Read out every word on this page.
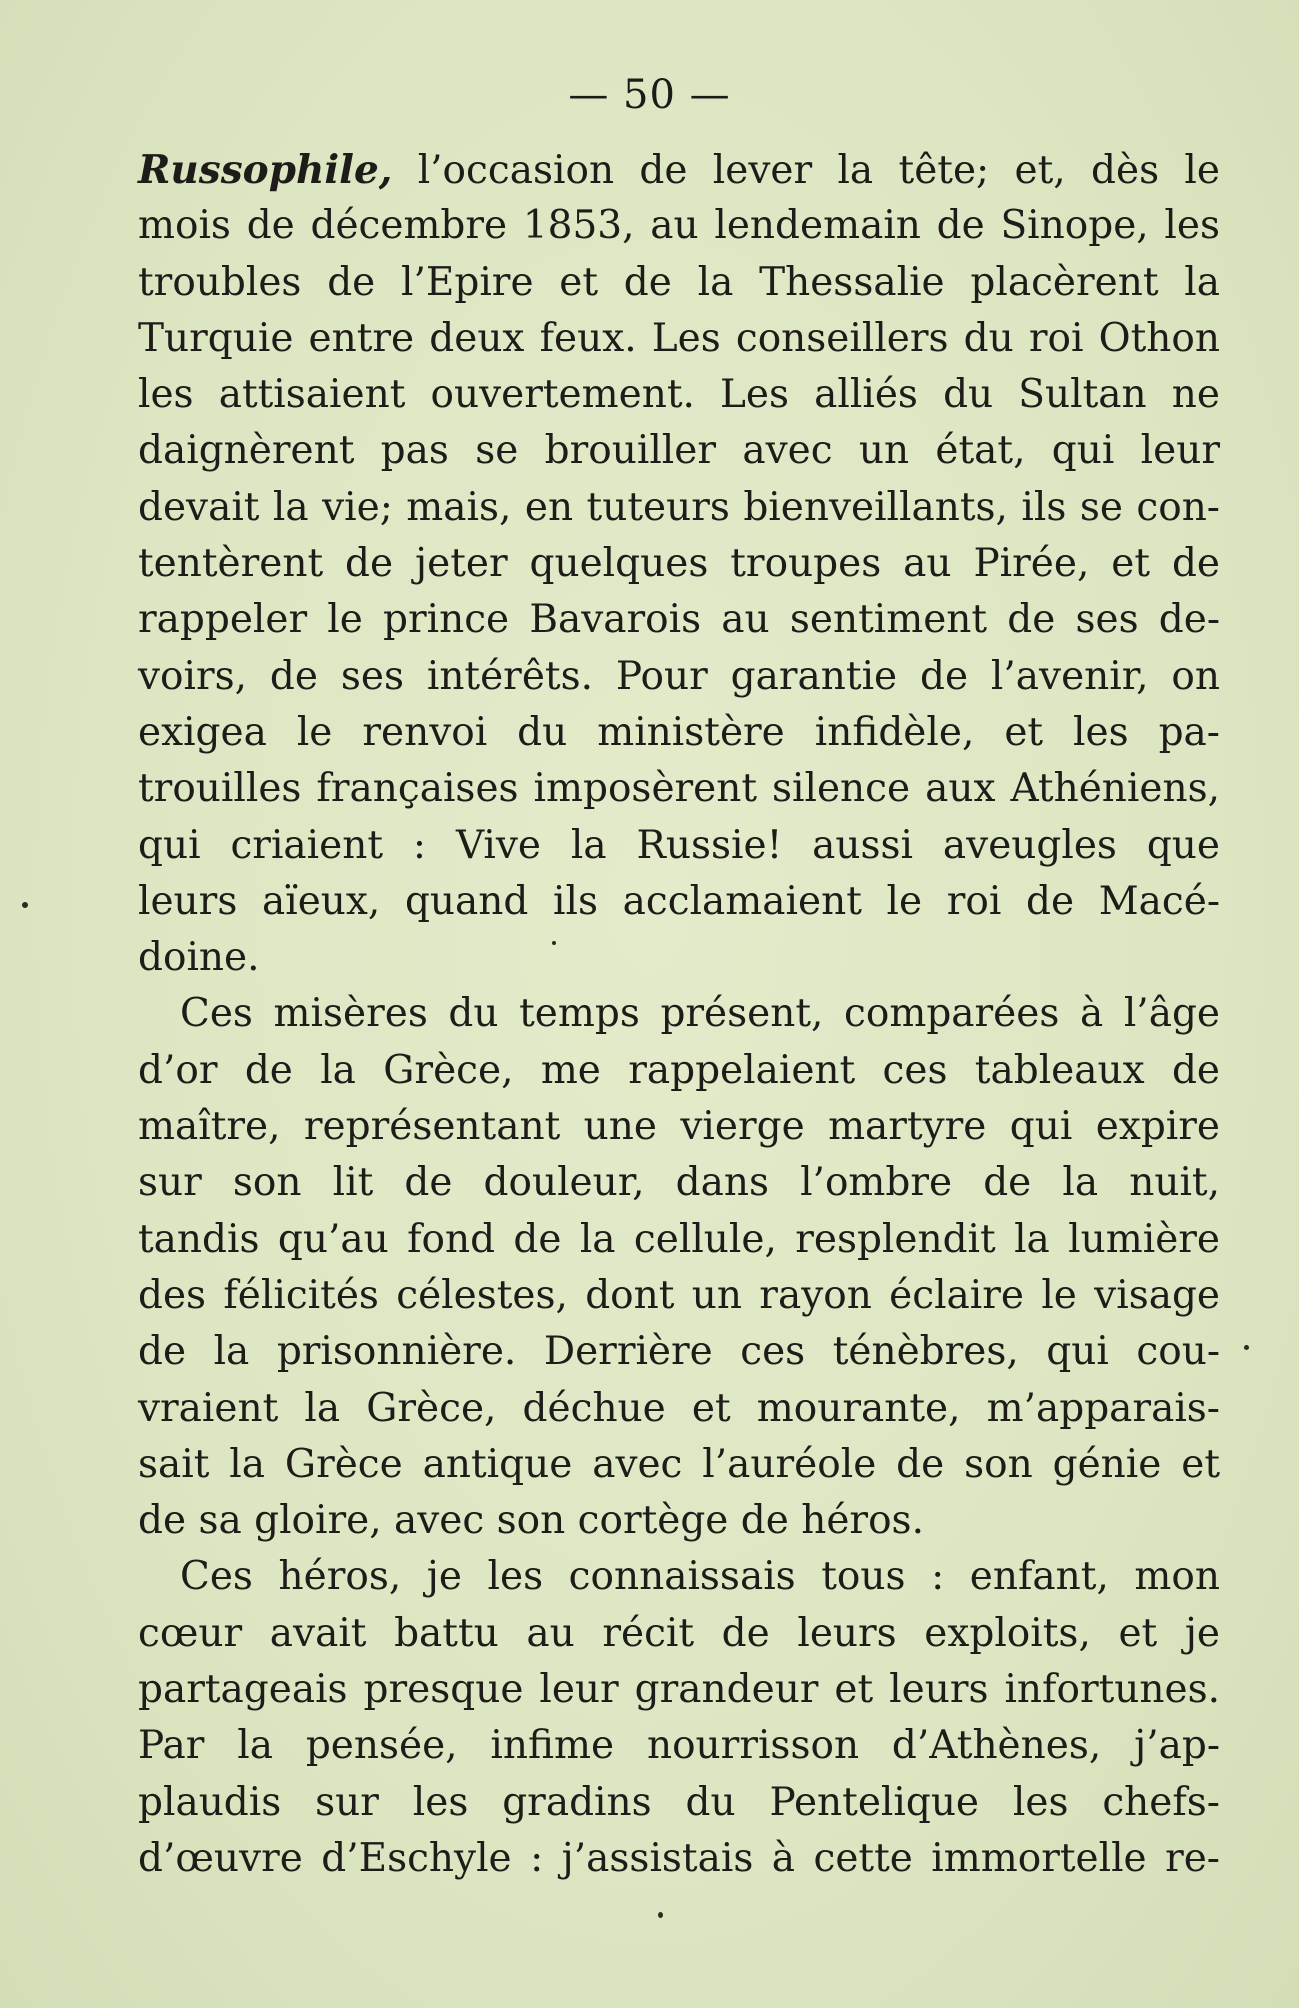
— 50 —
Russophile, l’occasion de lever la tête; et, dès le
mois de décembre 1853, au lendemain de Sinope, les
troubles de l’Epire et de la Thessalie placèrent la
Turquie entre deux feux. Les conseillers du roi Othon
les attisaient ouvertement. Les alliés du Sultan ne
daignèrent pas se brouiller avec un état, qui leur
devait la vie; mais, en tuteurs bienveillants, ils se con-
tentèrent de jeter quelques troupes au Pirée, et de
rappeler le prince Bavarois au sentiment de ses de-
voirs, de ses intérêts. Pour garantie de l’avenir, on
exigea le renvoi du ministère infidèle, et les pa-
trouilles françaises imposèrent silence aux Athéniens,
qui criaient : Vive la Russie! aussi aveugles que
leurs aïeux, quand ils acclamaient le roi de Macé-
doine.
Ces misères du temps présent, comparées à l’âge
d’or de la Grèce, me rappelaient ces tableaux de
maître, représentant une vierge martyre qui expire
sur son lit de douleur, dans l’ombre de la nuit,
tandis qu’au fond de la cellule, resplendit la lumière
des félicités célestes, dont un rayon éclaire le visage
de la prisonnière. Derrière ces ténèbres, qui cou-
vraient la Grèce, déchue et mourante, m’apparais-
sait la Grèce antique avec l’auréole de son génie et
de sa gloire, avec son cortège de héros.
Ces héros, je les connaissais tous : enfant, mon
cœur avait battu au récit de leurs exploits, et je
partageais presque leur grandeur et leurs infortunes.
Par la pensée, infime nourrisson d’Athènes, j’ap-
plaudis sur les gradins du Pentelique les chefs-
d’œuvre d’Eschyle : j’assistais à cette immortelle re-
